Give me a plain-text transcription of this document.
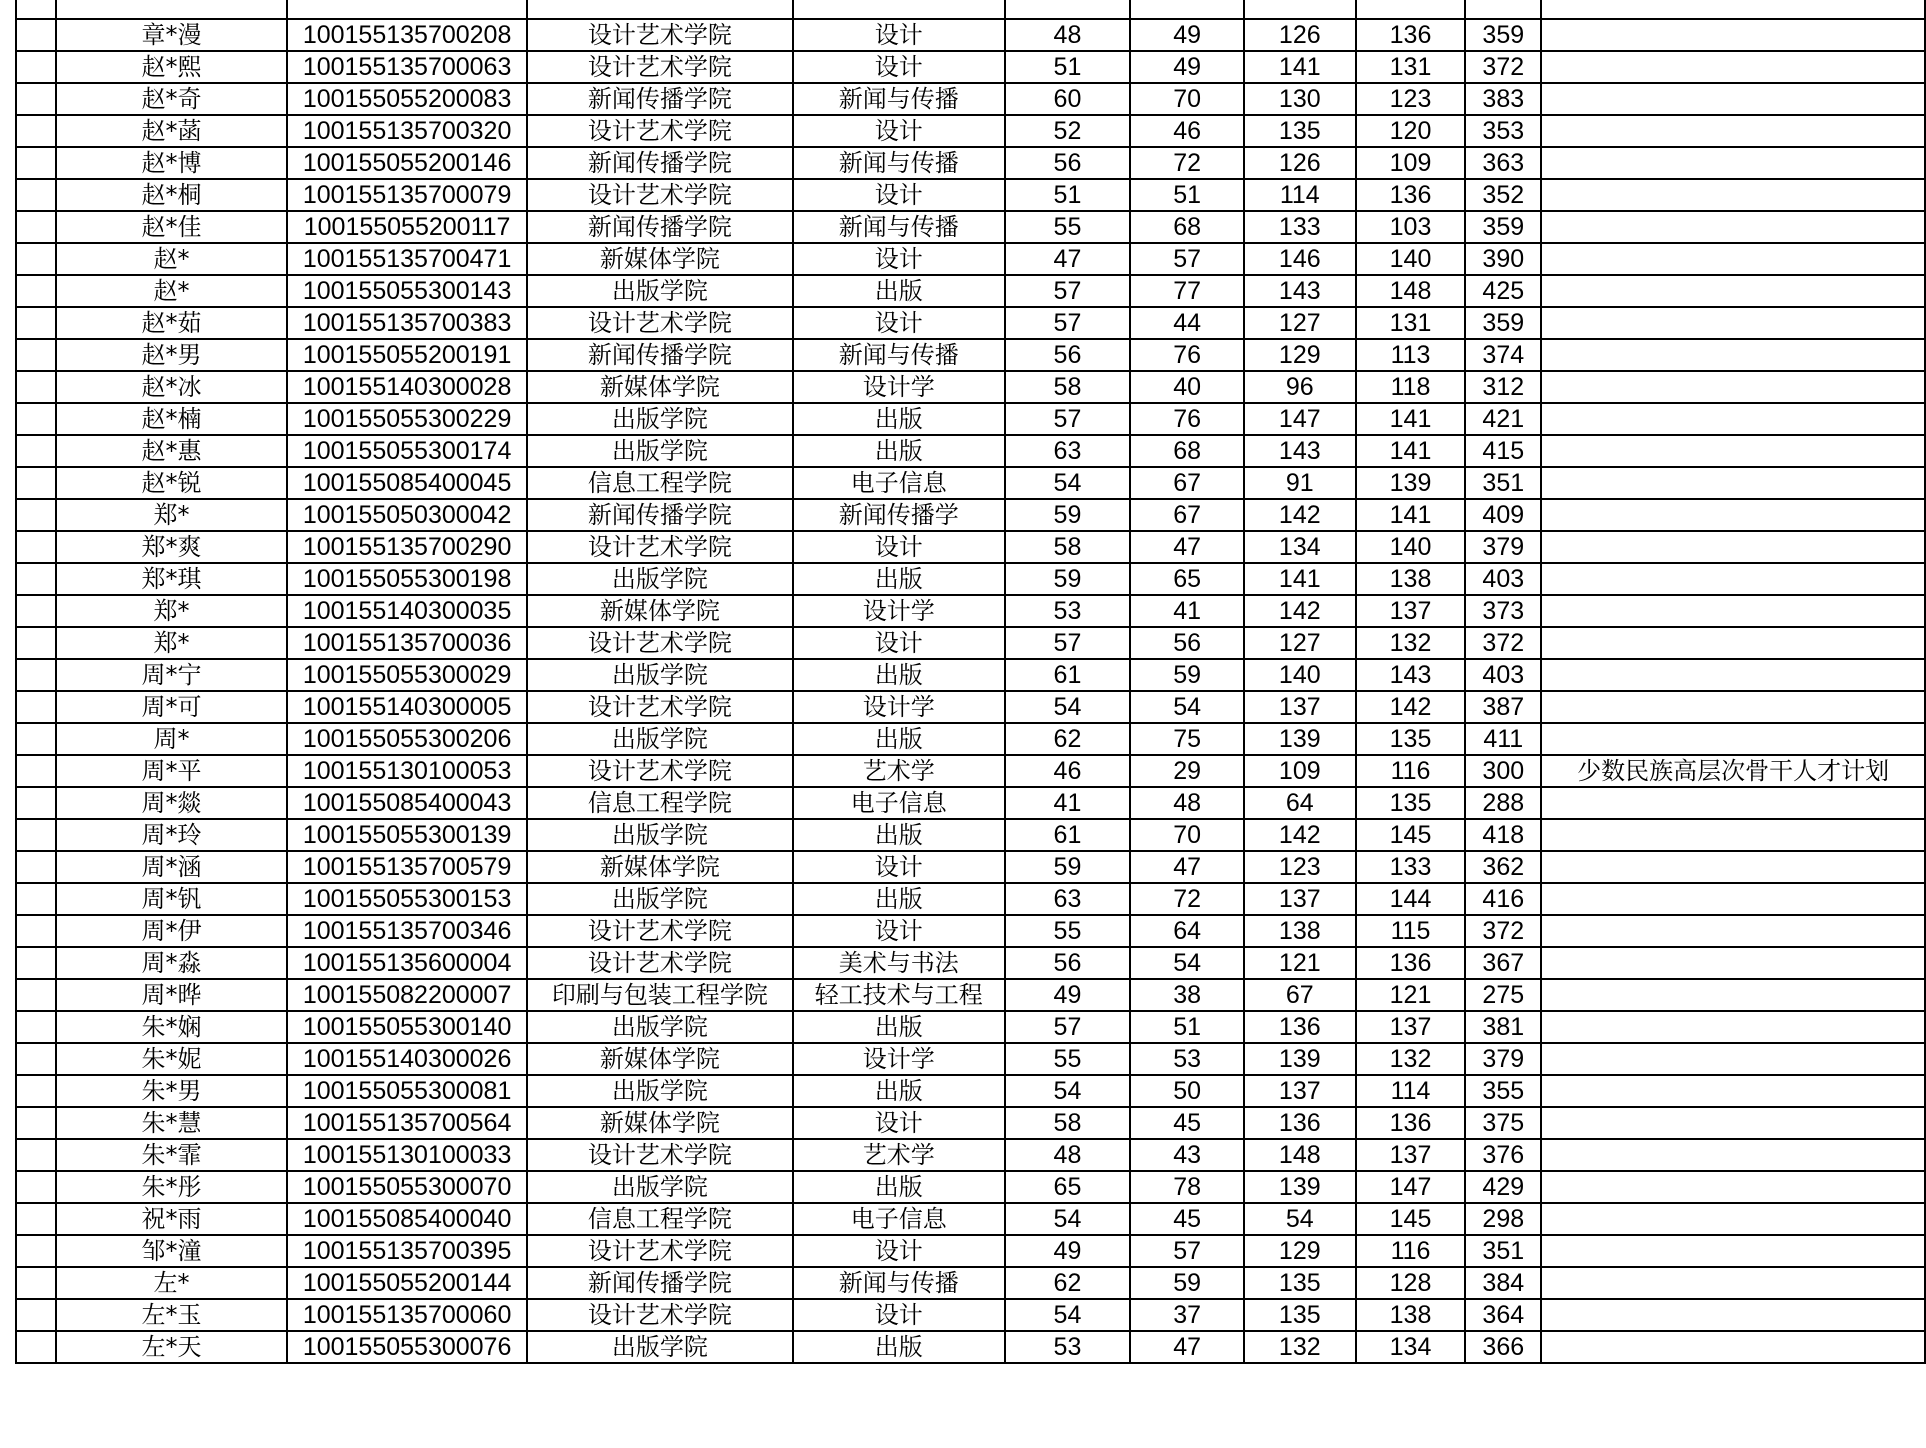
	章*漫	100155135700208	设计艺术学院	设计	48	49	126	136	359	
	赵*熙	100155135700063	设计艺术学院	设计	51	49	141	131	372	
	赵*奇	100155055200083	新闻传播学院	新闻与传播	60	70	130	123	383	
	赵*菡	100155135700320	设计艺术学院	设计	52	46	135	120	353	
	赵*博	100155055200146	新闻传播学院	新闻与传播	56	72	126	109	363	
	赵*桐	100155135700079	设计艺术学院	设计	51	51	114	136	352	
	赵*佳	100155055200117	新闻传播学院	新闻与传播	55	68	133	103	359	
	赵*	100155135700471	新媒体学院	设计	47	57	146	140	390	
	赵*	100155055300143	出版学院	出版	57	77	143	148	425	
	赵*茹	100155135700383	设计艺术学院	设计	57	44	127	131	359	
	赵*男	100155055200191	新闻传播学院	新闻与传播	56	76	129	113	374	
	赵*冰	100155140300028	新媒体学院	设计学	58	40	96	118	312	
	赵*楠	100155055300229	出版学院	出版	57	76	147	141	421	
	赵*惠	100155055300174	出版学院	出版	63	68	143	141	415	
	赵*锐	100155085400045	信息工程学院	电子信息	54	67	91	139	351	
	郑*	100155050300042	新闻传播学院	新闻传播学	59	67	142	141	409	
	郑*爽	100155135700290	设计艺术学院	设计	58	47	134	140	379	
	郑*琪	100155055300198	出版学院	出版	59	65	141	138	403	
	郑*	100155140300035	新媒体学院	设计学	53	41	142	137	373	
	郑*	100155135700036	设计艺术学院	设计	57	56	127	132	372	
	周*宁	100155055300029	出版学院	出版	61	59	140	143	403	
	周*可	100155140300005	设计艺术学院	设计学	54	54	137	142	387	
	周*	100155055300206	出版学院	出版	62	75	139	135	411	
	周*平	100155130100053	设计艺术学院	艺术学	46	29	109	116	300	少数民族高层次骨干人才计划
	周*燚	100155085400043	信息工程学院	电子信息	41	48	64	135	288	
	周*玲	100155055300139	出版学院	出版	61	70	142	145	418	
	周*涵	100155135700579	新媒体学院	设计	59	47	123	133	362	
	周*钒	100155055300153	出版学院	出版	63	72	137	144	416	
	周*伊	100155135700346	设计艺术学院	设计	55	64	138	115	372	
	周*淼	100155135600004	设计艺术学院	美术与书法	56	54	121	136	367	
	周*晔	100155082200007	印刷与包装工程学院	轻工技术与工程	49	38	67	121	275	
	朱*娴	100155055300140	出版学院	出版	57	51	136	137	381	
	朱*妮	100155140300026	新媒体学院	设计学	55	53	139	132	379	
	朱*男	100155055300081	出版学院	出版	54	50	137	114	355	
	朱*慧	100155135700564	新媒体学院	设计	58	45	136	136	375	
	朱*霏	100155130100033	设计艺术学院	艺术学	48	43	148	137	376	
	朱*彤	100155055300070	出版学院	出版	65	78	139	147	429	
	祝*雨	100155085400040	信息工程学院	电子信息	54	45	54	145	298	
	邹*潼	100155135700395	设计艺术学院	设计	49	57	129	116	351	
	左*	100155055200144	新闻传播学院	新闻与传播	62	59	135	128	384	
	左*玉	100155135700060	设计艺术学院	设计	54	37	135	138	364	
	左*天	100155055300076	出版学院	出版	53	47	132	134	366	
